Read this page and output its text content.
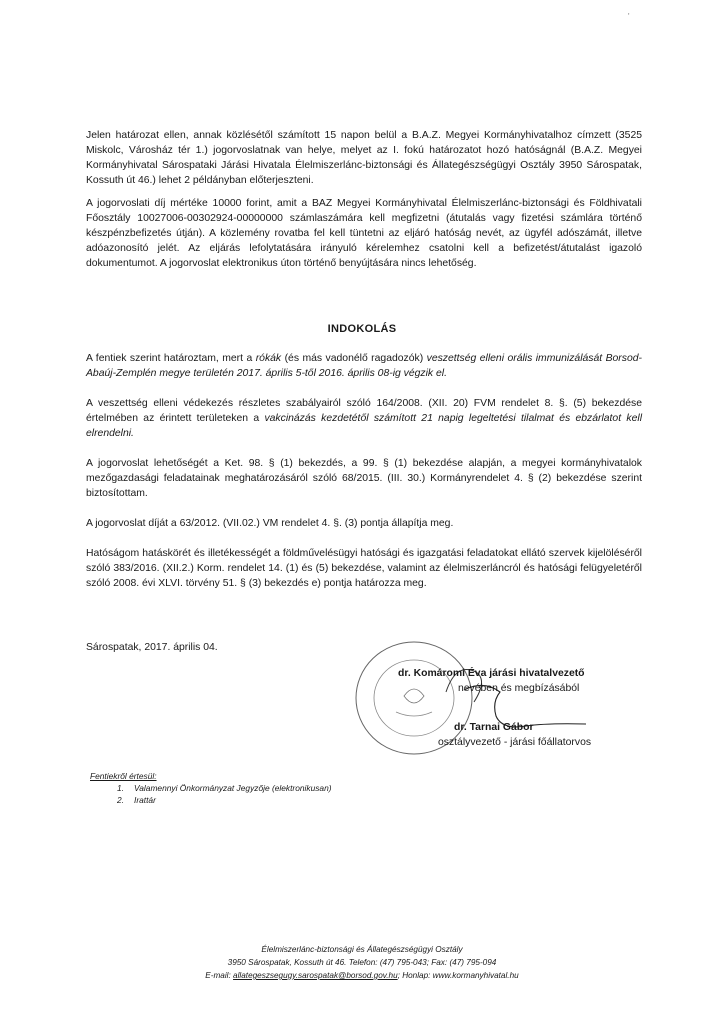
'

Jelen határozat ellen, annak közlésétől számított 15 napon belül a B.A.Z. Megyei Kormányhivatalhoz címzett (3525 Miskolc, Városház tér 1.) jogorvoslatnak van helye, melyet az I. fokú határozatot hozó hatóságnál (B.A.Z. Megyei Kormányhivatal Sárospataki Járási Hivatala Élelmiszerlánc-biztonsági és Állategészségügyi Osztály 3950 Sárospatak, Kossuth út 46.) lehet 2 példányban előterjeszteni.

A jogorvoslati díj mértéke 10000 forint, amit a BAZ Megyei Kormányhivatal Élelmiszerlánc-biztonsági és Földhivatali Főosztály 10027006-00302924-00000000 számlaszámára kell megfizetni (átutalás vagy fizetési számlára történő készpénzbefizetés útján). A közlemény rovatba fel kell tüntetni az eljáró hatóság nevét, az ügyfél adószámát, illetve adóazonosító jelét. Az eljárás lefolytatására irányuló kérelemhez csatolni kell a befizetést/átutalást igazoló dokumentumot. A jogorvoslat elektronikus úton történő benyújtására nincs lehetőség.

INDOKOLÁS

A fentiek szerint határoztam, mert a rókák (és más vadonélő ragadozók) veszettség elleni orális immunizálását Borsod-Abaúj-Zemplén megye területén 2017. április 5-től 2016. április 08-ig végzik el.

A veszettség elleni védekezés részletes szabályairól szóló 164/2008. (XII. 20) FVM rendelet 8. §. (5) bekezdése értelmében az érintett területeken a vakcinázás kezdetétől számított 21 napig legeltetési tilalmat és ebzárlatot kell elrendelni.

A jogorvoslat lehetőségét a Ket. 98. § (1) bekezdés, a 99. § (1) bekezdése alapján, a megyei kormányhivatalok mezőgazdasági feladatainak meghatározásáról szóló 68/2015. (III. 30.) Kormányrendelet 4. § (2) bekezdése szerint biztosítottam.

A jogorvoslat díját a 63/2012. (VII.02.) VM rendelet 4. §. (3) pontja állapítja meg.

Hatóságom hatáskörét és illetékességét a földművelésügyi hatósági és igazgatási feladatokat ellátó szervek kijelöléséről szóló 383/2016. (XII.2.) Korm. rendelet 14. (1) és (5) bekezdése, valamint az élelmiszerláncról és hatósági felügyeletéről szóló 2008. évi XLVI. törvény 51. § (3) bekezdés e) pontja határozza meg.

Sárospatak, 2017. április 04.
dr. Komáromi Éva járási hivatalvezető
nevében és megbízásából
dr. Tarnai Gábor
osztályvezető - járási főállatorvos
Fentiekről értesül:
1.	Valamennyi Önkormányzat Jegyzője (elektronikusan)
2.	Irattár
Élelmiszerlánc-biztonsági és Állategészségügyi Osztály
3950 Sárospatak, Kossuth út 46. Telefon: (47) 795-043; Fax: (47) 795-094
E-mail: allategeszsegugy.sarospatak@borsod.gov.hu; Honlap: www.kormanyhivatal.hu
